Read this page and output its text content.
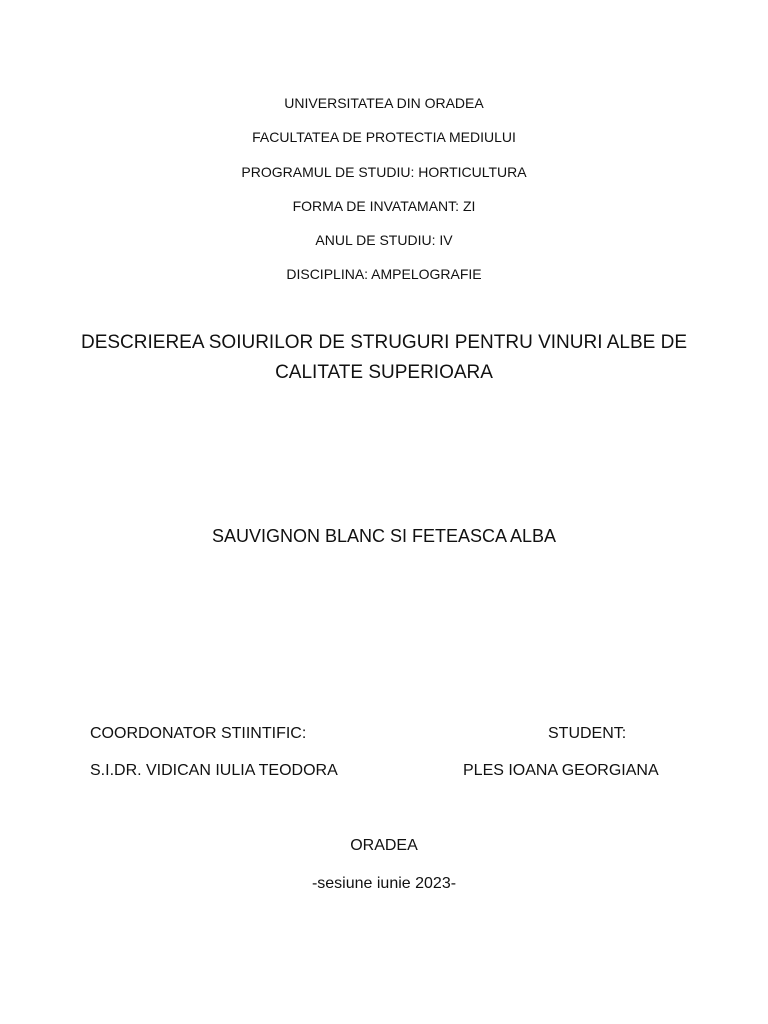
UNIVERSITATEA DIN ORADEA
FACULTATEA DE PROTECTIA MEDIULUI
PROGRAMUL DE STUDIU: HORTICULTURA
FORMA DE INVATAMANT: ZI
ANUL DE STUDIU: IV
DISCIPLINA: AMPELOGRAFIE
DESCRIEREA SOIURILOR DE STRUGURI PENTRU VINURI ALBE DE
CALITATE SUPERIOARA
SAUVIGNON BLANC SI FETEASCA ALBA
COORDONATOR STIINTIFIC:
S.I.DR. VIDICAN IULIA TEODORA
STUDENT:
PLES IOANA GEORGIANA
ORADEA
-sesiune iunie 2023-
